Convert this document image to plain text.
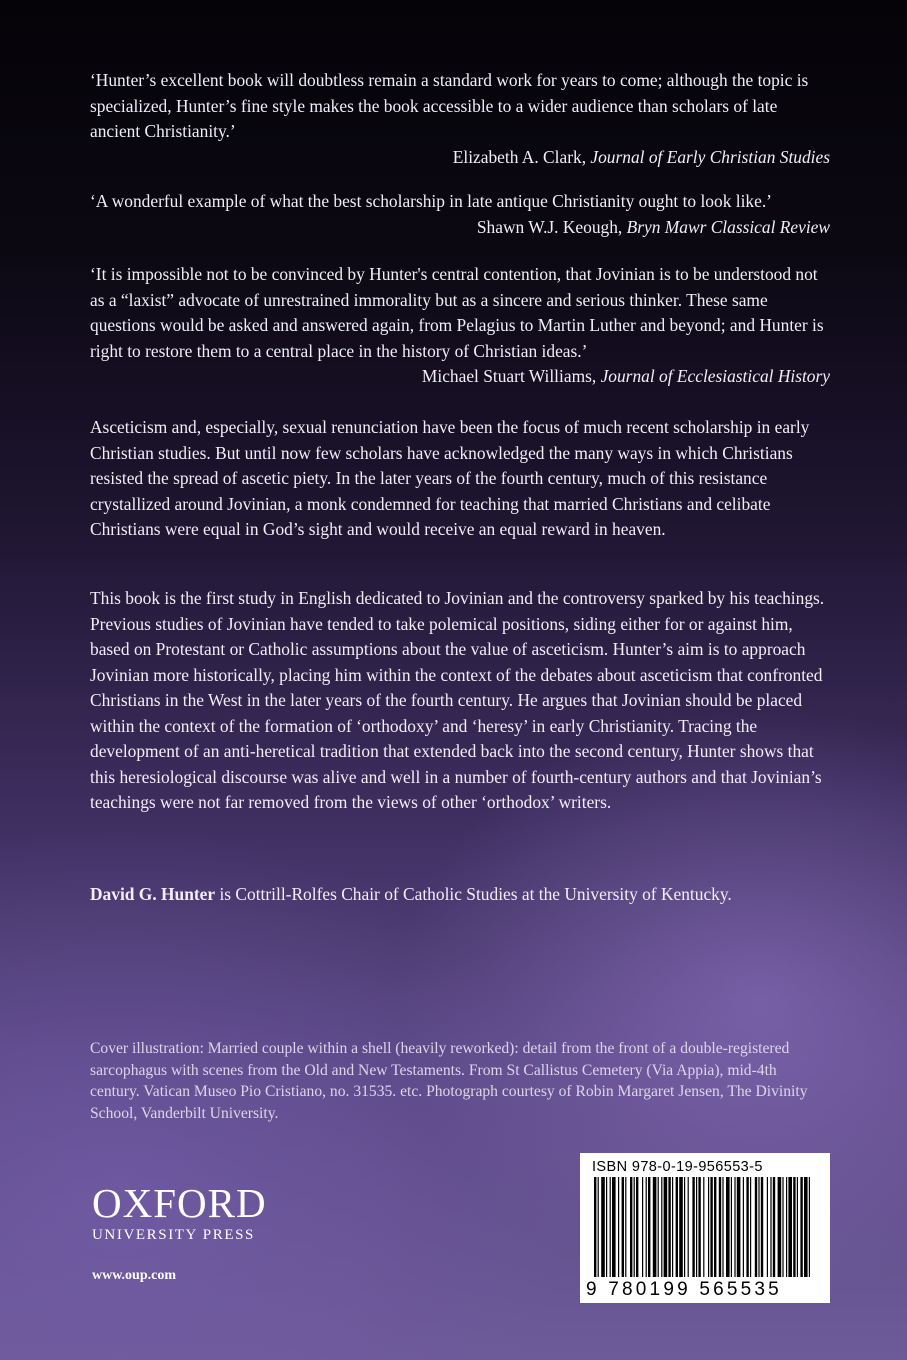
‘Hunter’s excellent book will doubtless remain a standard work for years to come; although the topic is specialized, Hunter’s fine style makes the book accessible to a wider audience than scholars of late ancient Christianity.’
Elizabeth A. Clark, Journal of Early Christian Studies

‘A wonderful example of what the best scholarship in late antique Christianity ought to look like.’
Shawn W.J. Keough, Bryn Mawr Classical Review

‘It is impossible not to be convinced by Hunter's central contention, that Jovinian is to be understood not as a “laxist” advocate of unrestrained immorality but as a sincere and serious thinker. These same questions would be asked and answered again, from Pelagius to Martin Luther and beyond; and Hunter is right to restore them to a central place in the history of Christian ideas.’
Michael Stuart Williams, Journal of Ecclesiastical History

Asceticism and, especially, sexual renunciation have been the focus of much recent scholarship in early Christian studies. But until now few scholars have acknowledged the many ways in which Christians resisted the spread of ascetic piety. In the later years of the fourth century, much of this resistance crystallized around Jovinian, a monk condemned for teaching that married Christians and celibate Christians were equal in God’s sight and would receive an equal reward in heaven.

This book is the first study in English dedicated to Jovinian and the controversy sparked by his teachings. Previous studies of Jovinian have tended to take polemical positions, siding either for or against him, based on Protestant or Catholic assumptions about the value of asceticism. Hunter’s aim is to approach Jovinian more historically, placing him within the context of the debates about asceticism that confronted Christians in the West in the later years of the fourth century. He argues that Jovinian should be placed within the context of the formation of ‘orthodoxy’ and ‘heresy’ in early Christianity. Tracing the development of an anti-heretical tradition that extended back into the second century, Hunter shows that this heresiological discourse was alive and well in a number of fourth-century authors and that Jovinian’s teachings were not far removed from the views of other ‘orthodox’ writers.

David G. Hunter is Cottrill-Rolfes Chair of Catholic Studies at the University of Kentucky.

Cover illustration: Married couple within a shell (heavily reworked): detail from the front of a double-registered sarcophagus with scenes from the Old and New Testaments. From St Callistus Cemetery (Via Appia), mid-4th century. Vatican Museo Pio Cristiano, no. 31535. etc. Photograph courtesy of Robin Margaret Jensen, The Divinity School, Vanderbilt University.

OXFORD
UNIVERSITY PRESS
www.oup.com
ISBN 978-0-19-956553-5
9 780199 565535
